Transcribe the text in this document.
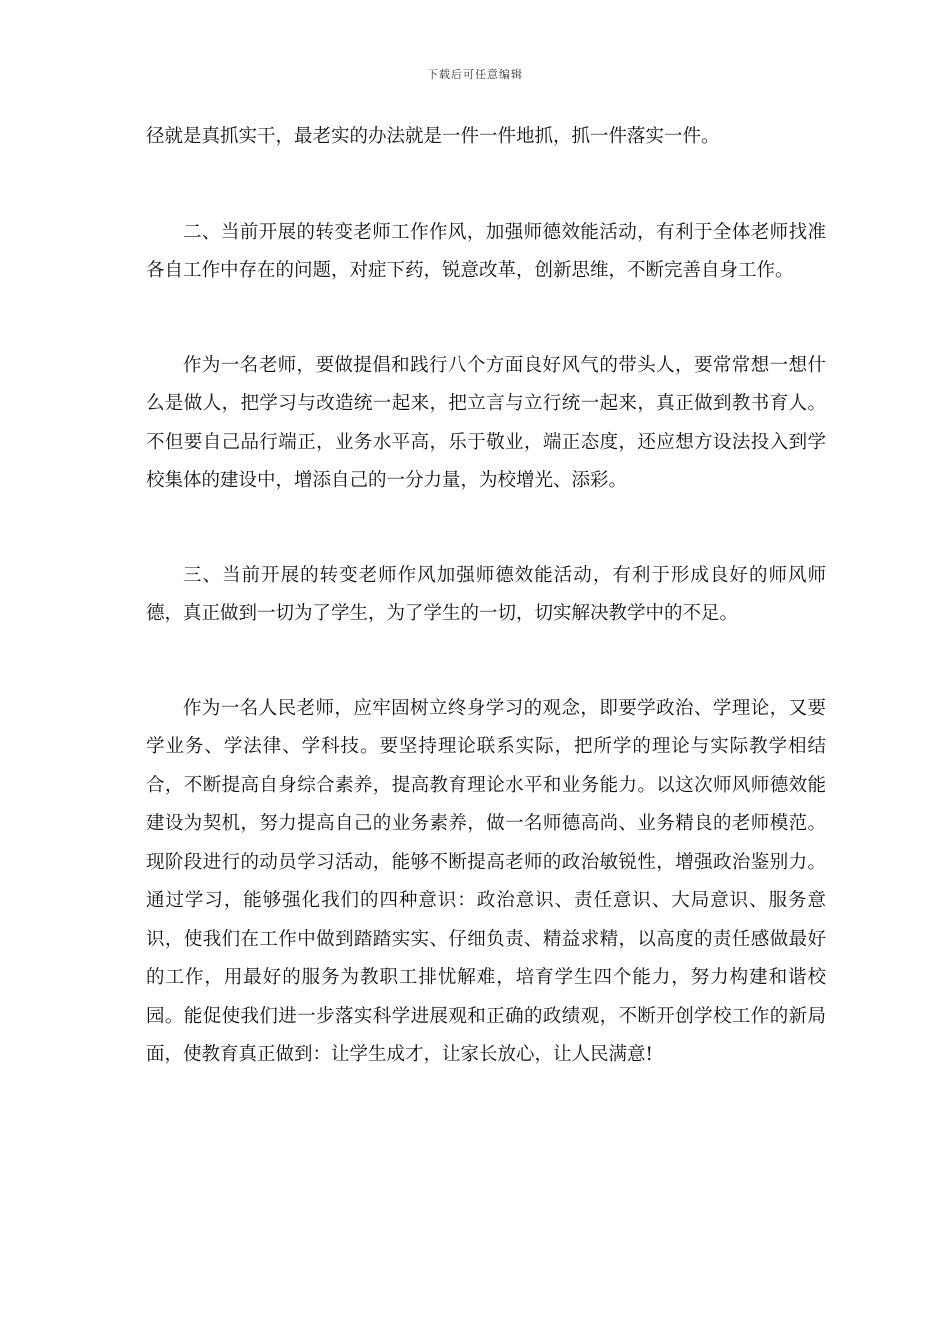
下载后可任意编辑

径就是真抓实干，最老实的办法就是一件一件地抓，抓一件落实一件。

二、当前开展的转变老师工作作风，加强师德效能活动，有利于全体老师找准各自工作中存在的问题，对症下药，锐意改革，创新思维，不断完善自身工作。

作为一名老师，要做提倡和践行八个方面良好风气的带头人，要常常想一想什么是做人，把学习与改造统一起来，把立言与立行统一起来，真正做到教书育人。不但要自己品行端正，业务水平高，乐于敬业，端正态度，还应想方设法投入到学校集体的建设中，增添自己的一分力量，为校增光、添彩。

三、当前开展的转变老师作风加强师德效能活动，有利于形成良好的师风师德，真正做到一切为了学生，为了学生的一切，切实解决教学中的不足。

作为一名人民老师，应牢固树立终身学习的观念，即要学政治、学理论，又要学业务、学法律、学科技。要坚持理论联系实际，把所学的理论与实际教学相结合，不断提高自身综合素养，提高教育理论水平和业务能力。以这次师风师德效能建设为契机，努力提高自己的业务素养，做一名师德高尚、业务精良的老师模范。 现阶段进行的动员学习活动，能够不断提高老师的政治敏锐性，增强政治鉴别力。通过学习，能够强化我们的四种意识：政治意识、责任意识、大局意识、服务意识，使我们在工作中做到踏踏实实、仔细负责、精益求精，以高度的责任感做最好的工作，用最好的服务为教职工排忧解难，培育学生四个能力，努力构建和谐校园。能促使我们进一步落实科学进展观和正确的政绩观，不断开创学校工作的新局面，使教育真正做到：让学生成才，让家长放心，让人民满意!
